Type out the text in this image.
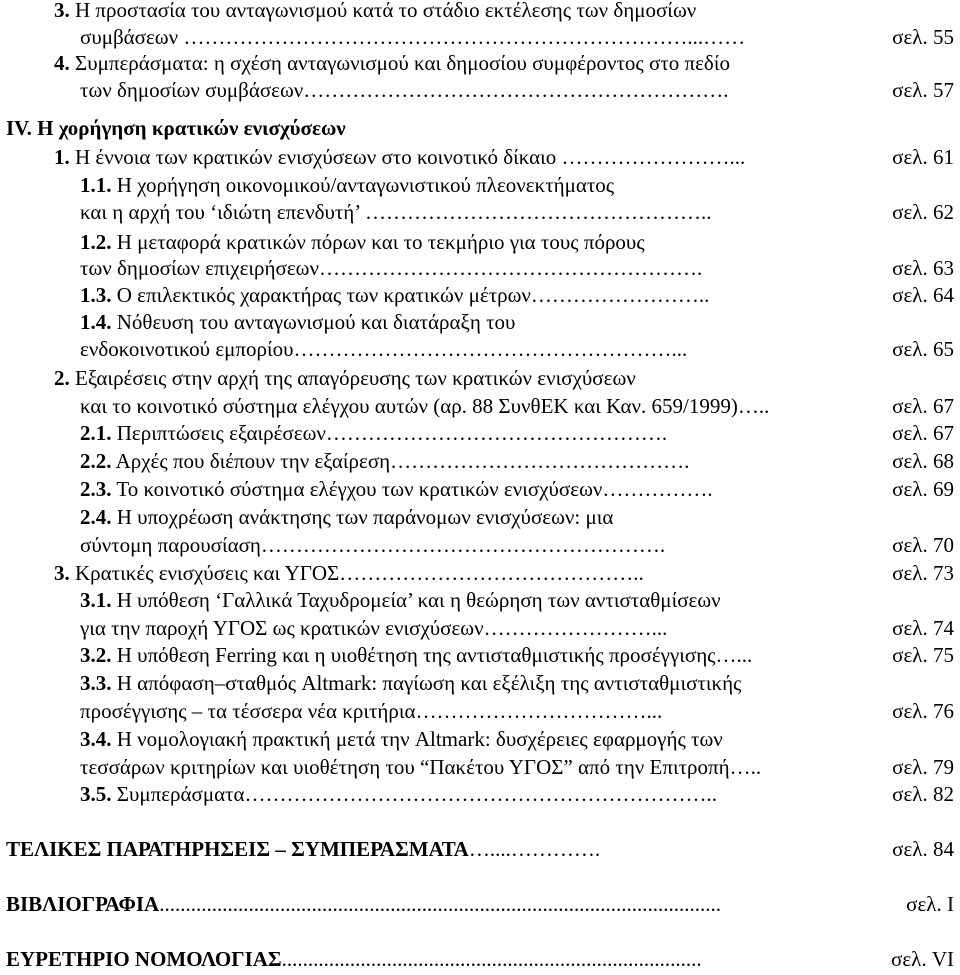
3. Η προστασία του ανταγωνισμού κατά το στάδιο εκτέλεσης των δημοσίων
συμβάσεων ………………………………………………………………...……	σελ. 55
4. Συμπεράσματα: η σχέση ανταγωνισμού και δημοσίου συμφέροντος στο πεδίο
των δημοσίων συμβάσεων…………………………………………………….	σελ. 57
IV. Η χορήγηση κρατικών ενισχύσεων
1. Η έννοια των κρατικών ενισχύσεων στο κοινοτικό δίκαιο ……………………...	σελ. 61
1.1. Η χορήγηση οικονομικού/ανταγωνιστικού πλεονεκτήματος
και η αρχή του ‘ιδιώτη επενδυτή’ …………………………………………..	σελ. 62
1.2. Η μεταφορά κρατικών πόρων και το τεκμήριο για τους πόρους
των δημοσίων επιχειρήσεων……………………………………………….	σελ. 63
1.3. Ο επιλεκτικός χαρακτήρας των κρατικών μέτρων……………………..	σελ. 64
1.4. Νόθευση του ανταγωνισμού και διατάραξη του
ενδοκοινοτικού εμπορίου………………………………………………...	σελ. 65
2. Εξαιρέσεις στην αρχή της απαγόρευσης των κρατικών ενισχύσεων
και το κοινοτικό σύστημα ελέγχου αυτών (αρ. 88 ΣυνθΕΚ και Καν. 659/1999)…..	σελ. 67
2.1. Περιπτώσεις εξαιρέσεων………………………………………….	σελ. 67
2.2. Αρχές που διέπουν την εξαίρεση…………………………………….	σελ. 68
2.3. Το κοινοτικό σύστημα ελέγχου των κρατικών ενισχύσεων…………….	σελ. 69
2.4. Η υποχρέωση ανάκτησης των παράνομων ενισχύσεων: μια
σύντομη παρουσίαση………………………………………………….	σελ. 70
3. Κρατικές ενισχύσεις και ΥΓΟΣ……………………………………..	σελ. 73
3.1. Η υπόθεση ‘Γαλλικά Ταχυδρομεία’ και η θεώρηση των αντισταθμίσεων
για την παροχή ΥΓΟΣ ως κρατικών ενισχύσεων……………………...	σελ. 74
3.2. Η υπόθεση Ferring και η υιοθέτηση της αντισταθμιστικής προσέγγισης…...	σελ. 75
3.3. Η απόφαση–σταθμός Altmark: παγίωση και εξέλιξη της αντισταθμιστικής
προσέγγισης – τα τέσσερα νέα κριτήρια……………………………...	σελ. 76
3.4. Η νομολογιακή πρακτική μετά την Altmark: δυσχέρειες εφαρμογής των
τεσσάρων κριτηρίων και υιοθέτηση του “Πακέτου ΥΓΟΣ” από την Επιτροπή…..	σελ. 79
3.5. Συμπεράσματα…………………………………………………………..	σελ. 82
ΤΕΛΙΚΕΣ ΠΑΡΑΤΗΡΗΣΕΙΣ – ΣΥΜΠΕΡΑΣΜΑΤΑ…....………….	σελ. 84
ΒΙΒΛΙΟΓΡΑΦΙΑ...........................................................................................................	σελ. Ι
ΕΥΡΕΤΗΡΙΟ ΝΟΜΟΛΟΓΙΑΣ................................................................................	σελ. VI
